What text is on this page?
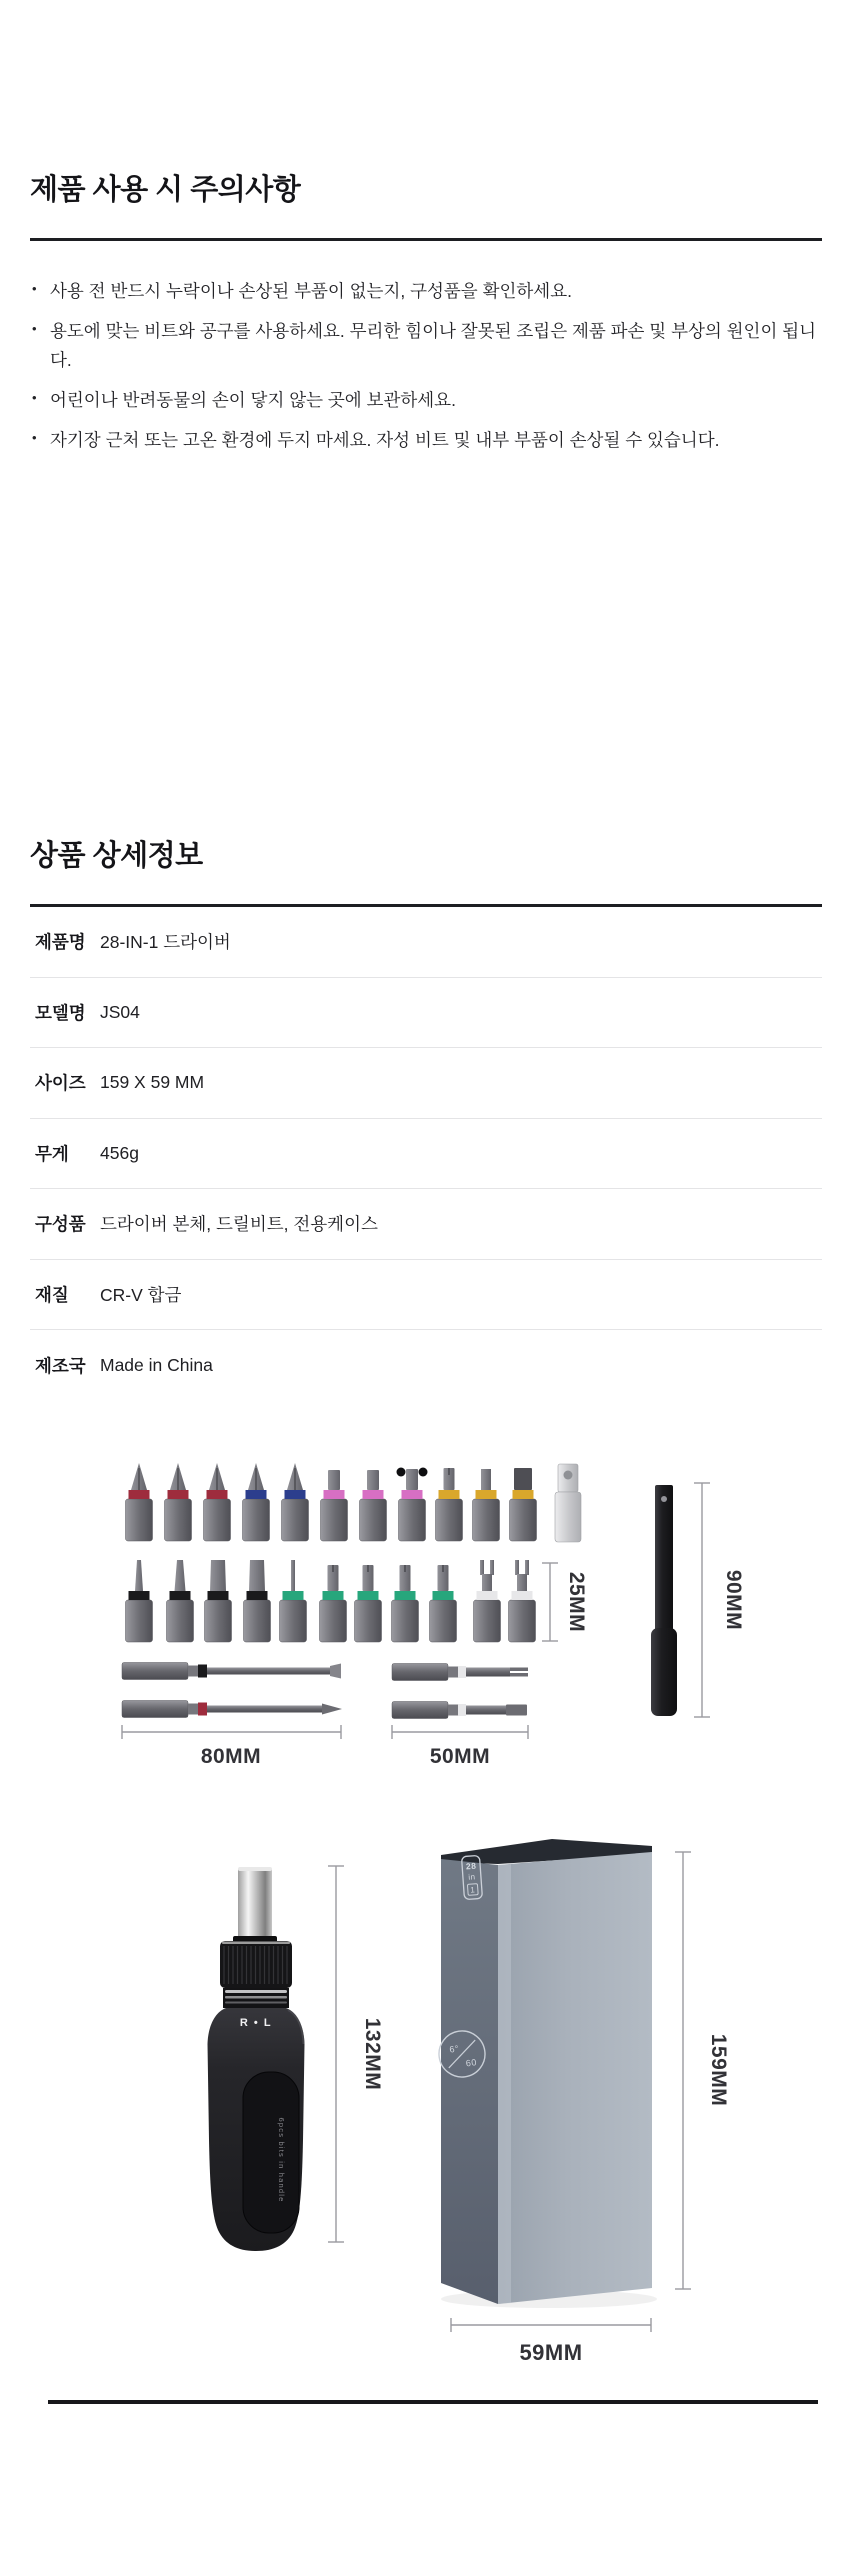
제품 사용 시 주의사항
• 사용 전 반드시 누락이나 손상된 부품이 없는지, 구성품을 확인하세요.
• 용도에 맞는 비트와 공구를 사용하세요. 무리한 힘이나 잘못된 조립은 제품 파손 및 부상의 원인이 됩니다.
• 어린이나 반려동물의 손이 닿지 않는 곳에 보관하세요.
• 자기장 근처 또는 고온 환경에 두지 마세요. 자성 비트 및 내부 부품이 손상될 수 있습니다.
상품 상세정보
제품명 28-IN-1 드라이버
모델명 JS04
사이즈 159 X 59 MM
무게	456g
구성품 드라이버 본체, 드릴비트, 전용케이스
재질	CR-V 합금
제조국 Made in China
25MM	90MM
80MM	50MM
R • L
6pcs bits in handle
132MM
28
in
1
6°
60	159MM
59MM
